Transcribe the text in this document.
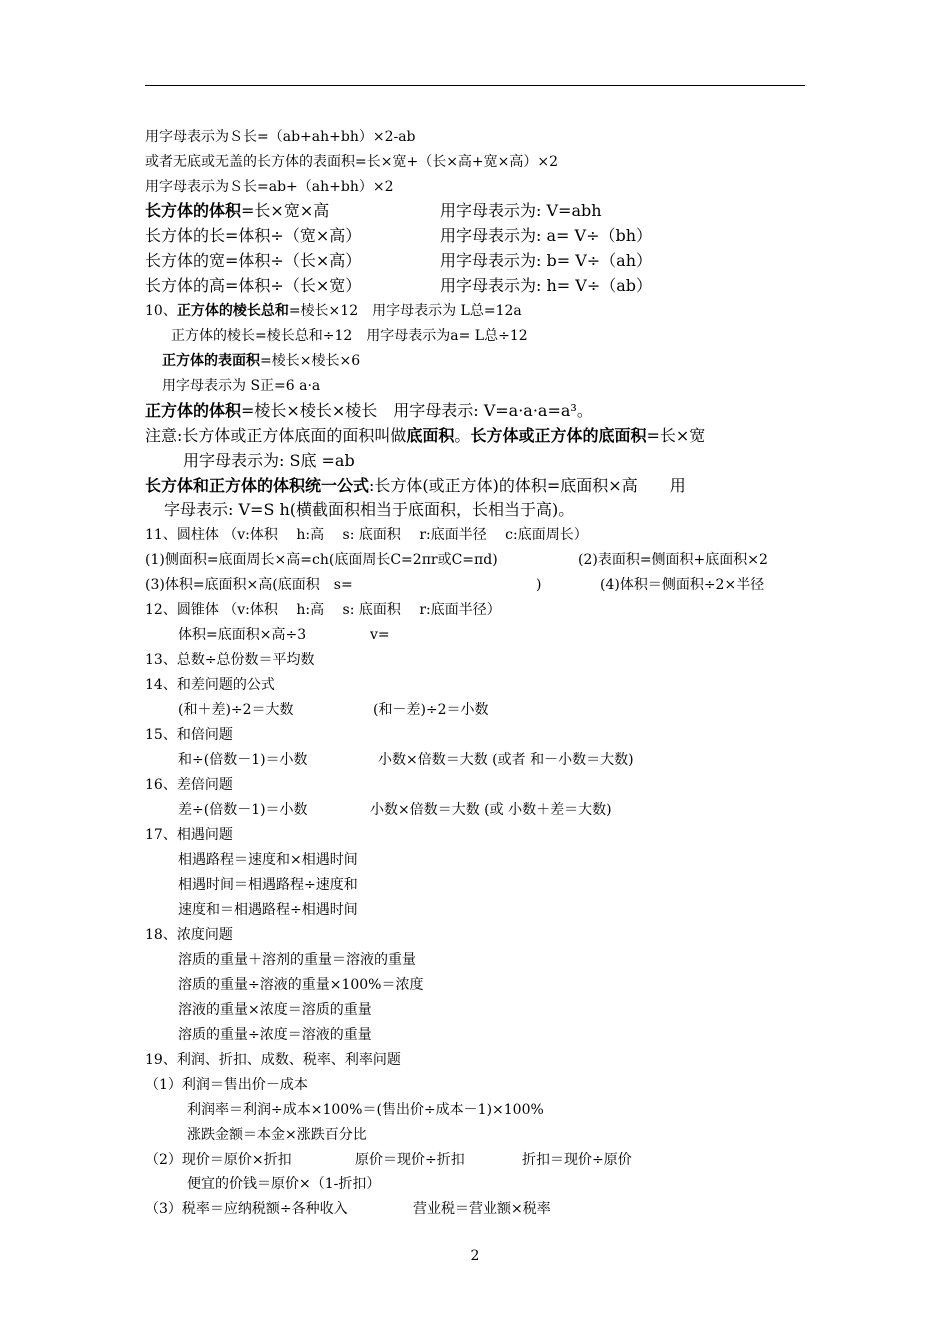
用字母表示为Ｓ长=（ab+ah+bh）×2-ab
或者无底或无盖的长方体的表面积=长×宽+（长×高+宽×高）×2
用字母表示为Ｓ长=ab+（ah+bh）×2
长方体的体积=长×宽×高	用字母表示为: V=abh
长方体的长=体积÷（宽×高）	用字母表示为: a= V÷（bh）
长方体的宽=体积÷（长×高）	用字母表示为: b= V÷（ah）
长方体的高=体积÷（长×宽）	用字母表示为: h= V÷（ab）
10、正方体的棱长总和=棱长×12　用字母表示为 L总=12a
正方体的棱长=棱长总和÷12　用字母表示为a= L总÷12
正方体的表面积=棱长×棱长×6
用字母表示为 S正=6 a·a
正方体的体积=棱长×棱长×棱长　用字母表示: V=a·a·a=a³。
注意:长方体或正方体底面的面积叫做底面积。长方体或正方体的底面积=长×宽
用字母表示为: S底 =ab
长方体和正方体的体积统一公式:长方体(或正方体)的体积=底面积×高　　用
字母表示: V=S h(横截面积相当于底面积，长相当于高)。
11、圆柱体 （v:体积　 h:高　 s: 底面积　 r:底面半径　 c:底面周长）
(1)侧面积=底面周长×高=ch(底面周长C=2πr或C=πd)	(2)表面积=侧面积+底面积×2
(3)体积=底面积×高(底面积　s=	)	(4)体积＝侧面积÷2×半径
12、圆锥体 （v:体积　 h:高　 s: 底面积　 r:底面半径）
体积=底面积×高÷3	v=
13、总数÷总份数＝平均数
14、和差问题的公式
(和＋差)÷2＝大数	(和－差)÷2＝小数
15、和倍问题
和÷(倍数－1)＝小数	小数×倍数＝大数 (或者 和－小数＝大数)
16、差倍问题
差÷(倍数－1)＝小数	小数×倍数＝大数 (或 小数＋差＝大数)
17、相遇问题
相遇路程＝速度和×相遇时间
相遇时间＝相遇路程÷速度和
速度和＝相遇路程÷相遇时间
18、浓度问题
溶质的重量＋溶剂的重量＝溶液的重量
溶质的重量÷溶液的重量×100%＝浓度
溶液的重量×浓度＝溶质的重量
溶质的重量÷浓度＝溶液的重量
19、利润、折扣、成数、税率、利率问题
（1）利润＝售出价－成本
利润率＝利润÷成本×100%＝(售出价÷成本－1)×100%
涨跌金额＝本金×涨跌百分比
（2）现价＝原价×折扣	原价＝现价÷折扣	折扣＝现价÷原价
便宜的价钱＝原价×（1-折扣）
（3）税率＝应纳税额÷各种收入	营业税＝营业额×税率
2
